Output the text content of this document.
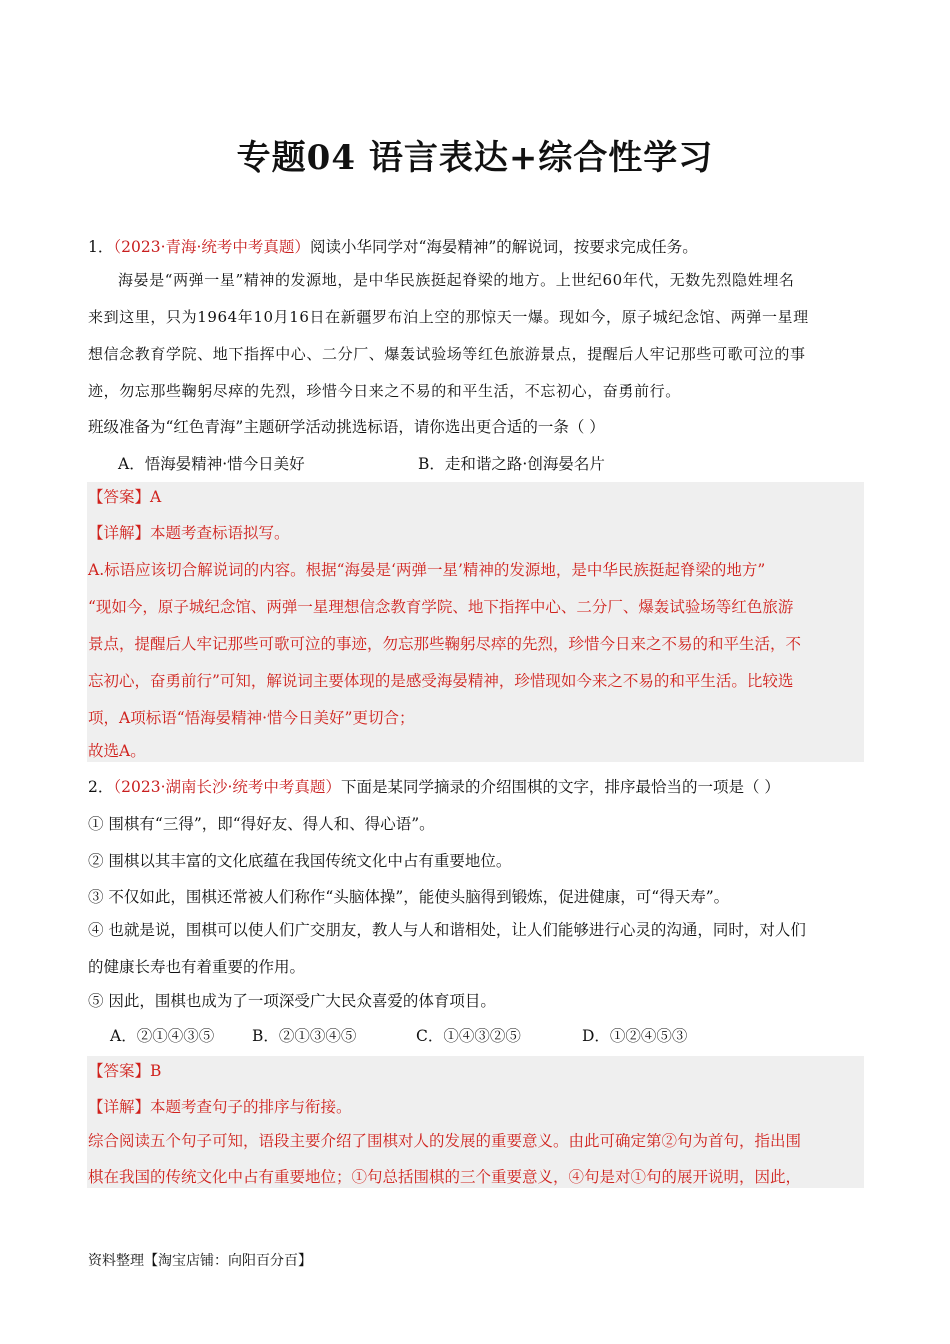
专题04 语言表达+综合性学习
1．（2023·青海·统考中考真题）阅读小华同学对“海晏精神”的解说词，按要求完成任务。
海晏是“两弹一星”精神的发源地，是中华民族挺起脊梁的地方。上世纪60年代，无数先烈隐姓埋名
来到这里，只为1964年10月16日在新疆罗布泊上空的那惊天一爆。现如今，原子城纪念馆、两弹一星理
想信念教育学院、地下指挥中心、二分厂、爆轰试验场等红色旅游景点，提醒后人牢记那些可歌可泣的事
迹，勿忘那些鞠躬尽瘁的先烈，珍惜今日来之不易的和平生活，不忘初心，奋勇前行。
班级准备为“红色青海”主题研学活动挑选标语，请你选出更合适的一条（ ）
A．悟海晏精神·惜今日美好	B．走和谐之路·创海晏名片
【答案】A
【详解】本题考查标语拟写。
A.标语应该切合解说词的内容。根据“海晏是‘两弹一星’精神的发源地，是中华民族挺起脊梁的地方”
“现如今，原子城纪念馆、两弹一星理想信念教育学院、地下指挥中心、二分厂、爆轰试验场等红色旅游
景点，提醒后人牢记那些可歌可泣的事迹，勿忘那些鞠躬尽瘁的先烈，珍惜今日来之不易的和平生活，不
忘初心，奋勇前行”可知，解说词主要体现的是感受海晏精神，珍惜现如今来之不易的和平生活。比较选
项，A项标语“悟海晏精神·惜今日美好”更切合；
故选A。
2．（2023·湖南长沙·统考中考真题）下面是某同学摘录的介绍围棋的文字，排序最恰当的一项是（ ）
① 围棋有“三得”，即“得好友、得人和、得心语”。
② 围棋以其丰富的文化底蕴在我国传统文化中占有重要地位。
③ 不仅如此，围棋还常被人们称作“头脑体操”，能使头脑得到锻炼，促进健康，可“得天寿”。
④ 也就是说，围棋可以使人们广交朋友，教人与人和谐相处，让人们能够进行心灵的沟通，同时，对人们
的健康长寿也有着重要的作用。
⑤ 因此，围棋也成为了一项深受广大民众喜爱的体育项目。
A．②①④③⑤	B．②①③④⑤	C．①④③②⑤	D．①②④⑤③
【答案】B
【详解】本题考查句子的排序与衔接。
综合阅读五个句子可知，语段主要介绍了围棋对人的发展的重要意义。由此可确定第②句为首句，指出围
棋在我国的传统文化中占有重要地位；①句总括围棋的三个重要意义，④句是对①句的展开说明，因此，
资料整理【淘宝店铺：向阳百分百】
